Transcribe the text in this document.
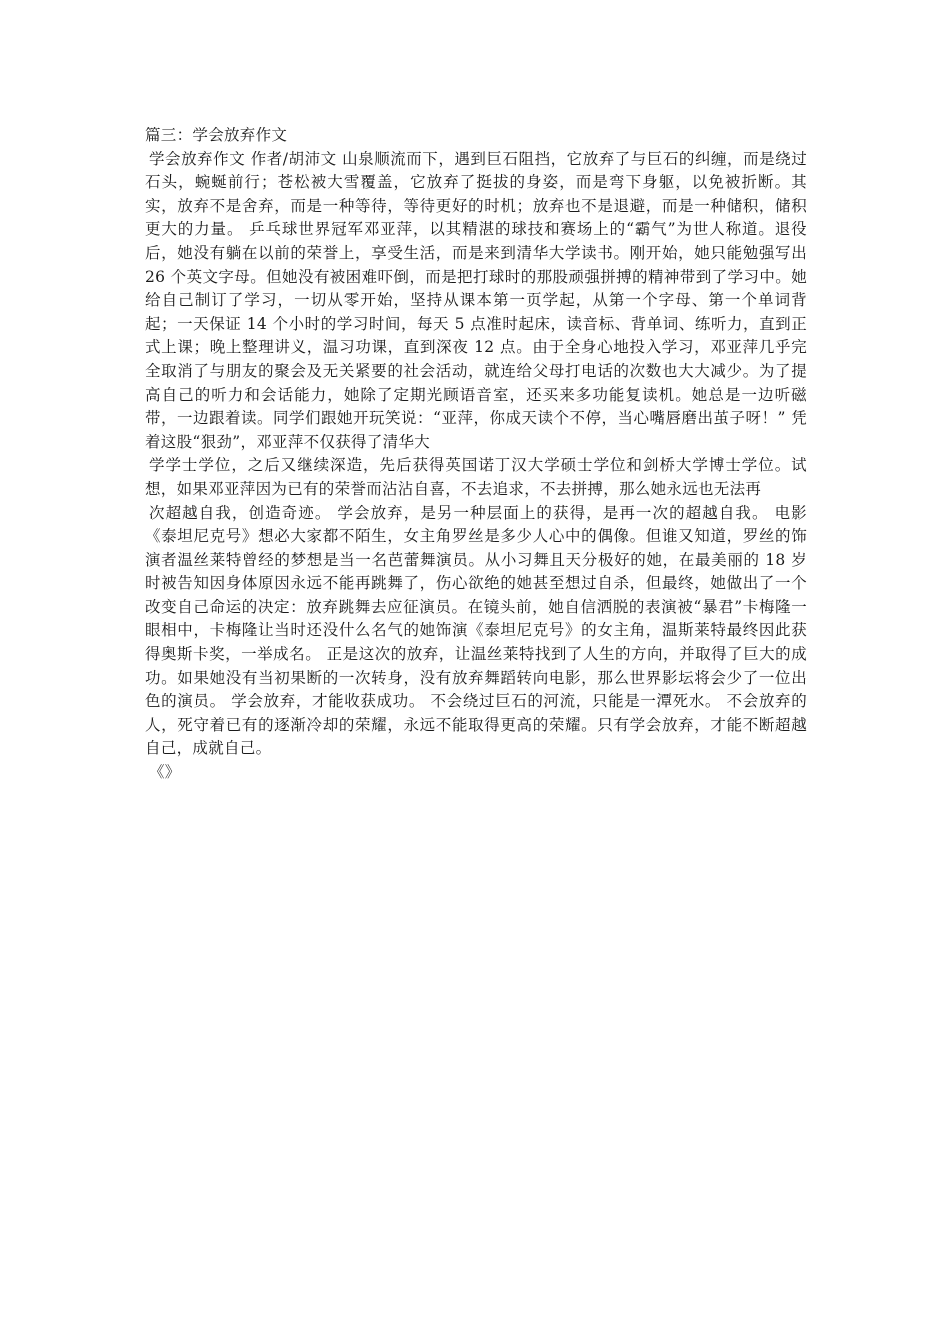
篇三：学会放弃作文

学会放弃作文 作者/胡沛文 山泉顺流而下，遇到巨石阻挡，它放弃了与巨石的纠缠，而是绕过石头，蜿蜒前行；苍松被大雪覆盖，它放弃了挺拔的身姿，而是弯下身躯，以免被折断。其实，放弃不是舍弃，而是一种等待，等待更好的时机；放弃也不是退避，而是一种储积，储积更大的力量。 乒乓球世界冠军邓亚萍，以其精湛的球技和赛场上的“霸气”为世人称道。退役后，她没有躺在以前的荣誉上，享受生活，而是来到清华大学读书。刚开始，她只能勉强写出 26 个英文字母。但她没有被困难吓倒，而是把打球时的那股顽强拼搏的精神带到了学习中。她给自己制订了学习，一切从零开始，坚持从课本第一页学起，从第一个字母、第一个单词背起；一天保证 14 个小时的学习时间，每天 5 点准时起床，读音标、背单词、练听力，直到正式上课；晚上整理讲义，温习功课，直到深夜 12 点。由于全身心地投入学习，邓亚萍几乎完全取消了与朋友的聚会及无关紧要的社会活动，就连给父母打电话的次数也大大减少。为了提高自己的听力和会话能力，她除了定期光顾语音室，还买来多功能复读机。她总是一边听磁带，一边跟着读。同学们跟她开玩笑说：“亚萍，你成天读个不停，当心嘴唇磨出茧子呀！” 凭着这股“狠劲”，邓亚萍不仅获得了清华大

学学士学位，之后又继续深造，先后获得英国诺丁汉大学硕士学位和剑桥大学博士学位。试想，如果邓亚萍因为已有的荣誉而沾沾自喜，不去追求，不去拼搏，那么她永远也无法再

次超越自我，创造奇迹。 学会放弃，是另一种层面上的获得，是再一次的超越自我。 电影《泰坦尼克号》想必大家都不陌生，女主角罗丝是多少人心中的偶像。但谁又知道，罗丝的饰演者温丝莱特曾经的梦想是当一名芭蕾舞演员。从小习舞且天分极好的她，在最美丽的 18 岁时被告知因身体原因永远不能再跳舞了，伤心欲绝的她甚至想过自杀，但最终，她做出了一个改变自己命运的决定：放弃跳舞去应征演员。在镜头前，她自信洒脱的表演被“暴君”卡梅隆一眼相中，卡梅隆让当时还没什么名气的她饰演《泰坦尼克号》的女主角，温斯莱特最终因此获得奥斯卡奖，一举成名。 正是这次的放弃，让温丝莱特找到了人生的方向，并取得了巨大的成功。如果她没有当初果断的一次转身，没有放弃舞蹈转向电影，那么世界影坛将会少了一位出色的演员。 学会放弃，才能收获成功。 不会绕过巨石的河流，只能是一潭死水。 不会放弃的人，死守着已有的逐渐冷却的荣耀，永远不能取得更高的荣耀。只有学会放弃，才能不断超越自己，成就自己。

《》
